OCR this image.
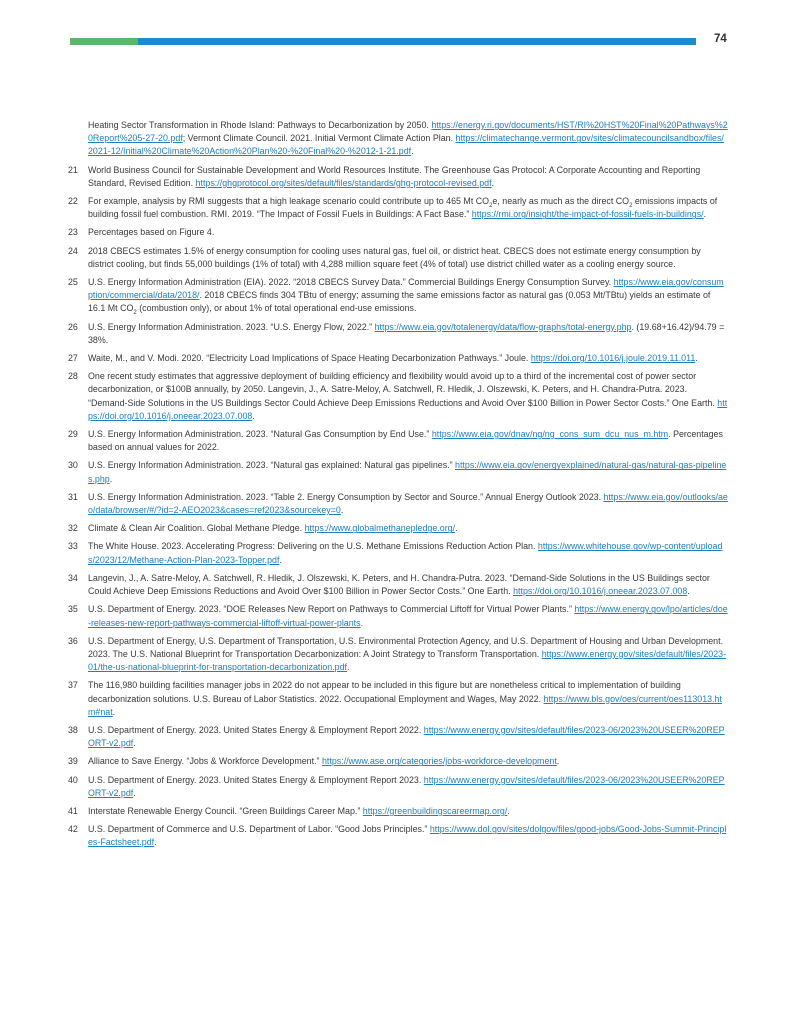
74
Heating Sector Transformation in Rhode Island: Pathways to Decarbonization by 2050. https://energy.ri.gov/documents/HST/RI%20HST%20Final%20Pathways%20Report%205-27-20.pdf; Vermont Climate Council. 2021. Initial Vermont Climate Action Plan. https://climatechange.vermont.gov/sites/climatecouncilsandbox/files/2021-12/Initial%20Climate%20Action%20Plan%20-%20Final%20-%2012-1-21.pdf.
21	World Business Council for Sustainable Development and World Resources Institute. The Greenhouse Gas Protocol: A Corporate Accounting and Reporting Standard, Revised Edition. https://ghgprotocol.org/sites/default/files/standards/ghg-protocol-revised.pdf.
22	For example, analysis by RMI suggests that a high leakage scenario could contribute up to 465 Mt $CO_2e$, nearly as much as the direct $CO_2$ emissions impacts of building fossil fuel combustion. RMI. 2019. “The Impact of Fossil Fuels in Buildings: A Fact Base.” https://rmi.org/insight/the-impact-of-fossil-fuels-in-buildings/.
23	Percentages based on Figure 4.
24	2018 CBECS estimates 1.5% of energy consumption for cooling uses natural gas, fuel oil, or district heat. CBECS does not estimate energy consumption by district cooling, but finds 55,000 buildings (1% of total) with 4,288 million square feet (4% of total) use district chilled water as a cooling energy source.
25	U.S. Energy Information Administration (EIA). 2022. “2018 CBECS Survey Data.” Commercial Buildings Energy Consumption Survey. https://www.eia.gov/consumption/commercial/data/2018/. 2018 CBECS finds 304 TBtu of energy; assuming the same emissions factor as natural gas (0.053 Mt/TBtu) yields an estimate of 16.1 Mt $CO_2$ (combustion only), or about 1% of total operational end-use emissions.
26	U.S. Energy Information Administration. 2023. “U.S. Energy Flow, 2022.” https://www.eia.gov/totalenergy/data/flow-graphs/total-energy.php. (19.68+16.42)/94.79 = 38%.
27	Waite, M., and V. Modi. 2020. “Electricity Load Implications of Space Heating Decarbonization Pathways.” Joule. https://doi.org/10.1016/j.joule.2019.11.011.
28	One recent study estimates that aggressive deployment of building efficiency and flexibility would avoid up to a third of the incremental cost of power sector decarbonization, or $100B annually, by 2050. Langevin, J., A. Satre-Meloy, A. Satchwell, R. Hledik, J. Olszewski, K. Peters, and H. Chandra-Putra. 2023. “Demand-Side Solutions in the US Buildings Sector Could Achieve Deep Emissions Reductions and Avoid Over $100 Billion in Power Sector Costs.” One Earth. https://doi.org/10.1016/j.oneear.2023.07.008.
29	U.S. Energy Information Administration. 2023. “Natural Gas Consumption by End Use.” https://www.eia.gov/dnav/ng/ng_cons_sum_dcu_nus_m.htm. Percentages based on annual values for 2022.
30	U.S. Energy Information Administration. 2023. “Natural gas explained: Natural gas pipelines.” https://www.eia.gov/energyexplained/natural-gas/natural-gas-pipelines.php.
31	U.S. Energy Information Administration. 2023. “Table 2. Energy Consumption by Sector and Source.” Annual Energy Outlook 2023. https://www.eia.gov/outlooks/aeo/data/browser/#/?id=2-AEO2023&cases=ref2023&sourcekey=0.
32	Climate & Clean Air Coalition. Global Methane Pledge. https://www.globalmethanepledge.org/.
33	The White House. 2023. Accelerating Progress: Delivering on the U.S. Methane Emissions Reduction Action Plan. https://www.whitehouse.gov/wp-content/uploads/2023/12/Methane-Action-Plan-2023-Topper.pdf.
34	Langevin, J., A. Satre-Meloy, A. Satchwell, R. Hledik, J. Olszewski, K. Peters, and H. Chandra-Putra. 2023. “Demand-Side Solutions in the US Buildings sector Could Achieve Deep Emissions Reductions and Avoid Over $100 Billion in Power Sector Costs.” One Earth. https://doi.org/10.1016/j.oneear.2023.07.008.
35	U.S. Department of Energy. 2023. “DOE Releases New Report on Pathways to Commercial Liftoff for Virtual Power Plants.” https://www.energy.gov/lpo/articles/doe-releases-new-report-pathways-commercial-liftoff-virtual-power-plants.
36	U.S. Department of Energy, U.S. Department of Transportation, U.S. Environmental Protection Agency, and U.S. Department of Housing and Urban Development. 2023. The U.S. National Blueprint for Transportation Decarbonization: A Joint Strategy to Transform Transportation. https://www.energy.gov/sites/default/files/2023-01/the-us-national-blueprint-for-transportation-decarbonization.pdf.
37	The 116,980 building facilities manager jobs in 2022 do not appear to be included in this figure but are nonetheless critical to implementation of building decarbonization solutions. U.S. Bureau of Labor Statistics. 2022. Occupational Employment and Wages, May 2022. https://www.bls.gov/oes/current/oes113013.htm#nat.
38	U.S. Department of Energy. 2023. United States Energy & Employment Report 2022. https://www.energy.gov/sites/default/files/2023-06/2023%20USEER%20REPORT-v2.pdf.
39	Alliance to Save Energy. “Jobs & Workforce Development.” https://www.ase.org/categories/jobs-workforce-development.
40	U.S. Department of Energy. 2023. United States Energy & Employment Report 2023. https://www.energy.gov/sites/default/files/2023-06/2023%20USEER%20REPORT-v2.pdf.
41	Interstate Renewable Energy Council. “Green Buildings Career Map.” https://greenbuildingscareermap.org/.
42	U.S. Department of Commerce and U.S. Department of Labor. “Good Jobs Principles.” https://www.dol.gov/sites/dolgov/files/good-jobs/Good-Jobs-Summit-Principles-Factsheet.pdf.
